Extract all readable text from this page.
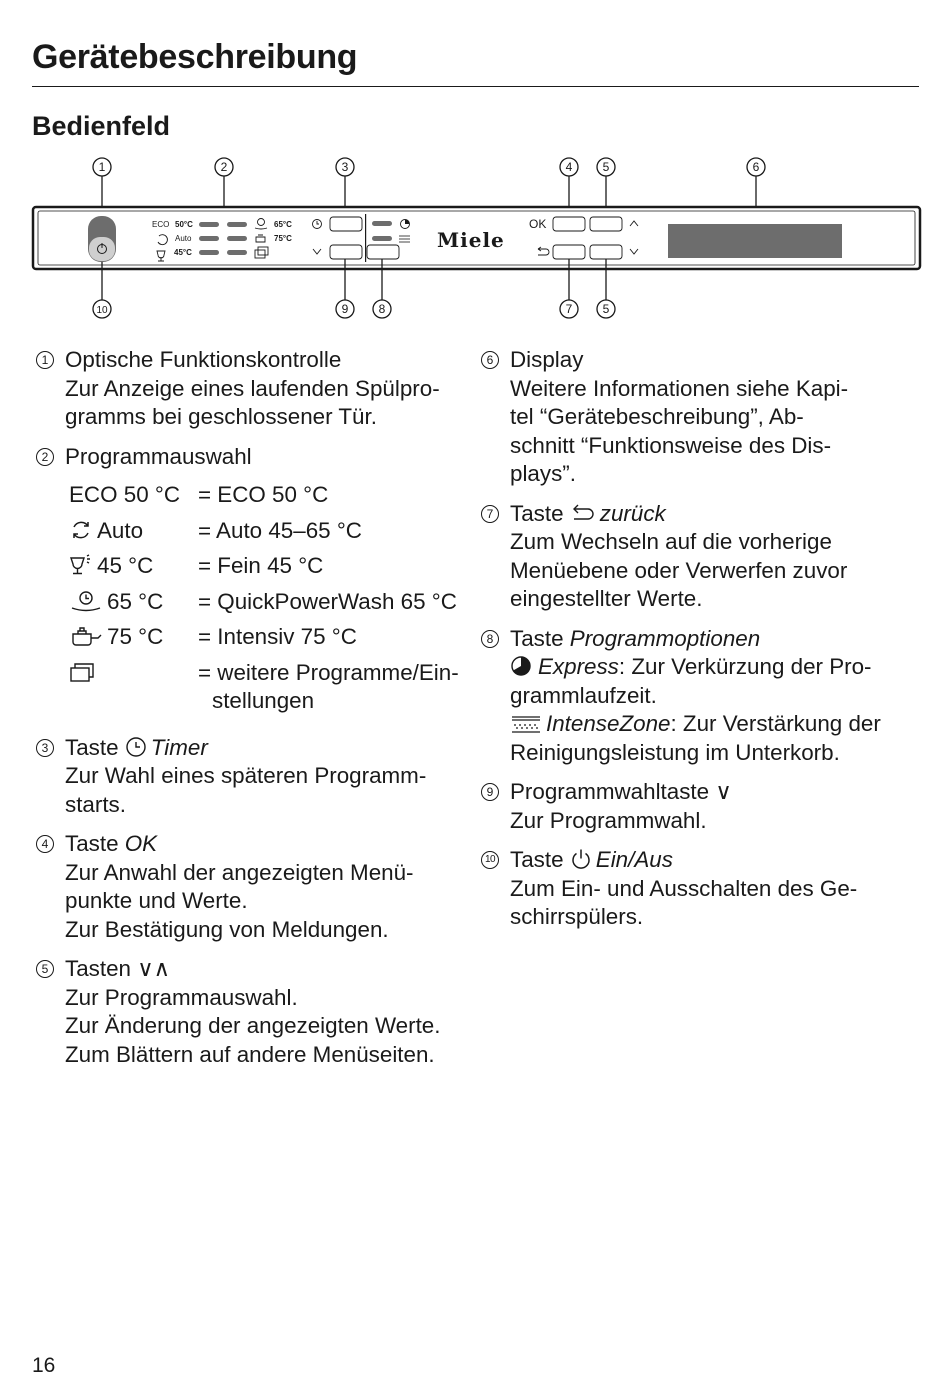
Gerätebeschreibung
Bedienfeld
1	2	3	4	5	6
ECO 50°C
Auto
45°C
65°C
75°C	Miele
OK
10	9	8	7	5
1 Optische Funktionskontrolle
Zur Anzeige eines laufenden Spülpro-
gramms bei geschlossener Tür.
2 Programmauswahl
ECO 50 °C	= ECO 50 °C
Auto	= Auto 45–65 °C
45 °C	= Fein 45 °C
65 °C	= QuickPowerWash 65 °C
75 °C	= Intensiv 75 °C

= weitere Programme/Ein-
stellungen
3 Taste Timer
Zur Wahl eines späteren Programm-
starts.
4 Taste OK
Zur Anwahl der angezeigten Menü-
punkte und Werte.
Zur Bestätigung von Meldungen.
5 Tasten ∨∧
Zur Programmauswahl.
Zur Änderung der angezeigten Werte.
Zum Blättern auf andere Menüseiten.
6 Display
Weitere Informationen siehe Kapi-
tel “Gerätebeschreibung”, Ab-
schnitt “Funktionsweise des Dis-
plays”.
7 Taste zurück
Zum Wechseln auf die vorherige
Menüebene oder Verwerfen zuvor
eingestellter Werte.
8 Taste Programmoptionen
Express: Zur Verkürzung der Pro-
grammlaufzeit.
IntenseZone: Zur Verstärkung der
Reinigungsleistung im Unterkorb.
9 Programmwahltaste ∨
Zur Programmwahl.
10 Taste Ein/Aus
Zum Ein- und Ausschalten des Ge-
schirrspülers.
16
